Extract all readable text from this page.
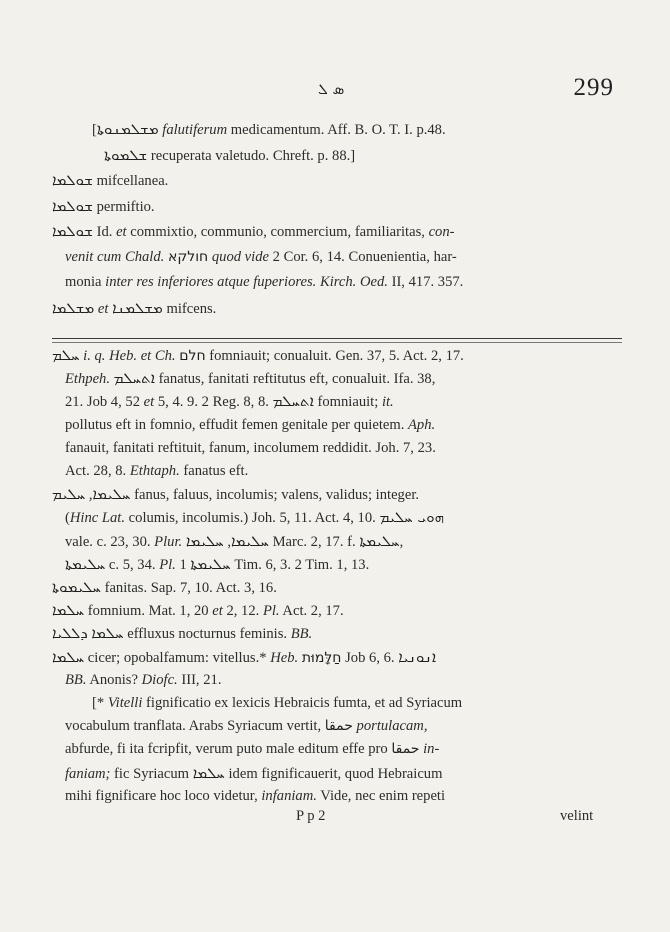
ܣ ܠ	299
[ܡܫܠܡܢܘܬܐ falutiferum medicamentum. Aff. B. O. T. I. p.48.
ܫܠܡܘܬܐ recuperata valetudo. Chreft. p. 88.]
ܫܘܠܡܐ mifcellanea.
ܫܘܠܡܐ permiftio.
ܫܘܠܡܐ Id. et commixtio, communio, commercium, familiaritas, con-
venit cum Chald. חולקא quod vide 2 Cor. 6, 14. Conuenientia, har-
monia inter res inferiores atque fuperiores. Kirch. Oed. II, 417. 357.
ܡܫܠܡܐ et ܡܫܠܡܢܐ mifcens.
ܚܠܡ i. q. Heb. et Ch. חלם fomniauit; conualuit. Gen. 37, 5. Act. 2, 17.
Ethpeh. ܐܬܚܠܡ fanatus, fanitati reftitutus eft, conualuit. Ifa. 38,
21. Job 4, 52 et 5, 4. 9. 2 Reg. 8, 8. ܐܬܚܠܡ fomniauit; it.
pollutus eft in fomnio, effudit femen genitale per quietem. Aph.
fanauit, fanitati reftituit, fanum, incolumem reddidit. Joh. 7, 23.
Act. 28, 8. Ethtaph. fanatus eft.
ܚܠܝܡܐ, ܚܠܝܡ	fanus, faluus, incolumis; valens, validus; integer.
(Hinc Lat. columis, incolumis.) Joh. 5, 11. Act. 4, 10. ܗܘܝ ܚܠܝܡ
vale. c. 23, 30. Plur.	ܚܠܝܡܐ, ܚܠܝܡܐ	Marc. 2, 17. f. ܚܠܝܡܬܐ,
ܚܠܝܡܬܐ c. 5, 34. Pl. ܚܠܝܡܬܐ 1 Tim. 6, 3. 2 Tim. 1, 13.
ܚܠܝܡܘܬܐ fanitas. Sap. 7, 10. Act. 3, 16.
ܚܠܡܐ fomnium. Mat. 1, 20 et 2, 12. Pl. Act. 2, 17.
ܚܠܡܐ ܕܠܠܝܐ effluxus nocturnus feminis. BB.
ܚܠܡܐ cicer; opobalfamum: vitellus.* Heb. חַלָּמוּת Job 6, 6. ܐܢܘܢܝܐ
BB. Anonis? Diofc. III, 21.
[* Vitelli fignificatio ex lexicis Hebraicis fumta, et ad Syriacum
vocabulum tranflata. Arabs Syriacum vertit, حمقا portulacam,
abfurde, fi ita fcripfit, verum puto male editum effe pro حمقا in-
faniam; fic Syriacum ܚܠܡܐ idem fignificauerit, quod Hebraicum
mihi fignificare hoc loco videtur, infaniam. Vide, nec enim repeti
P p 2	velint
